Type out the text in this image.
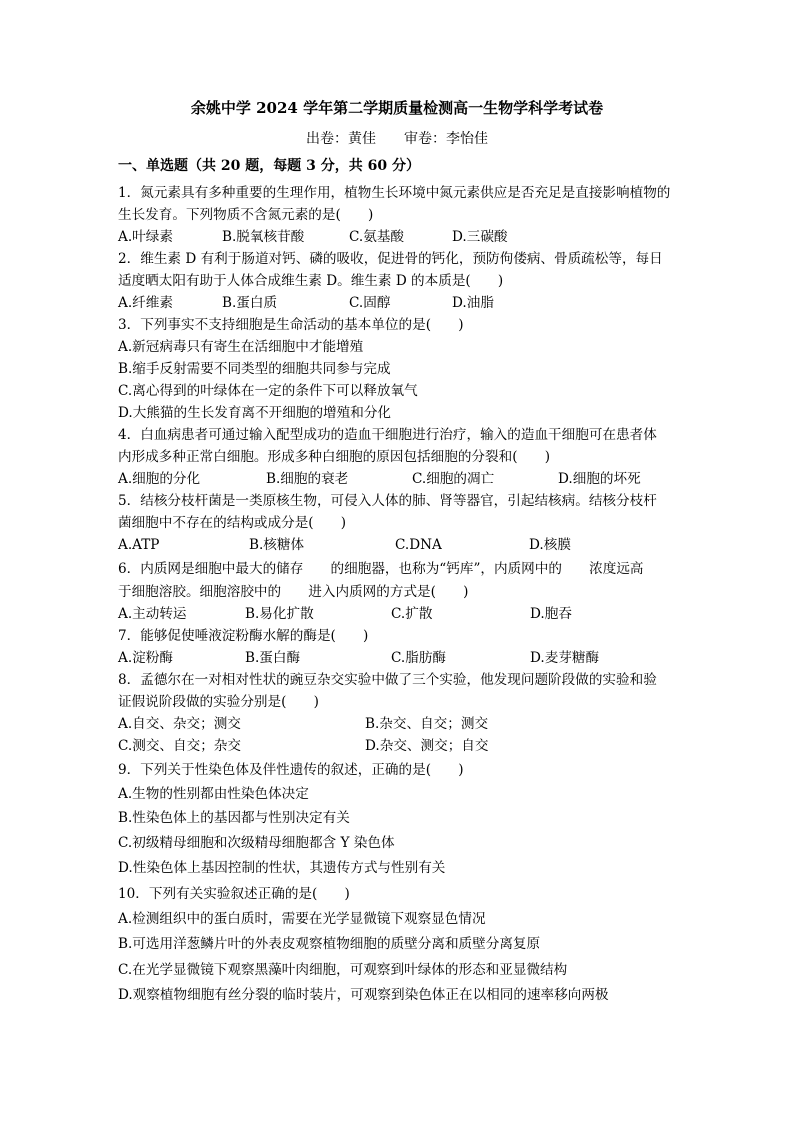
余姚中学 2024 学年第二学期质量检测高一生物学科学考试卷
出卷：黄佳 审卷：李怡佳
一、单选题（共 20 题，每题 3 分，共 60 分）
1．氮元素具有多种重要的生理作用，植物生长环境中氮元素供应是否充足是直接影响植物的
生长发育。下列物质不含氮元素的是(　　)
A.叶绿素	B.脱氧核苷酸	C.氨基酸	D.三碳酸
2．维生素 D 有利于肠道对钙、磷的吸收，促进骨的钙化，预防佝偻病、骨质疏松等，每日
适度晒太阳有助于人体合成维生素 D。维生素 D 的本质是(　　)
A.纤维素	B.蛋白质	C.固醇	D.油脂
3．下列事实不支持细胞是生命活动的基本单位的是(　　)
A.新冠病毒只有寄生在活细胞中才能增殖
B.缩手反射需要不同类型的细胞共同参与完成
C.离心得到的叶绿体在一定的条件下可以释放氧气
D.大熊猫的生长发育离不开细胞的增殖和分化
4．白血病患者可通过输入配型成功的造血干细胞进行治疗，输入的造血干细胞可在患者体
内形成多种正常白细胞。形成多种白细胞的原因包括细胞的分裂和(　　)
A.细胞的分化	B.细胞的衰老	C.细胞的凋亡	D.细胞的坏死
5．结核分枝杆菌是一类原核生物，可侵入人体的肺、肾等器官，引起结核病。结核分枝杆
菌细胞中不存在的结构或成分是(　　)
A.ATP	B.核糖体	C.DNA	D.核膜
6．内质网是细胞中最大的储存　　的细胞器，也称为“钙库”，内质网中的　　浓度远高
于细胞溶胶。细胞溶胶中的　　进入内质网的方式是(　　)
A.主动转运	B.易化扩散	C.扩散	D.胞吞
7．能够促使唾液淀粉酶水解的酶是(　　)
A.淀粉酶	B.蛋白酶	C.脂肪酶	D.麦芽糖酶
8．孟德尔在一对相对性状的豌豆杂交实验中做了三个实验，他发现问题阶段做的实验和验
证假说阶段做的实验分别是(　　)
A.自交、杂交；测交	B.杂交、自交；测交
C.测交、自交；杂交	D.杂交、测交；自交
9．下列关于性染色体及伴性遗传的叙述，正确的是(　　)
A.生物的性别都由性染色体决定
B.性染色体上的基因都与性别决定有关
C.初级精母细胞和次级精母细胞都含 Y 染色体
D.性染色体上基因控制的性状，其遗传方式与性别有关
10．下列有关实验叙述正确的是(　　)
A.检测组织中的蛋白质时，需要在光学显微镜下观察显色情况
B.可选用洋葱鳞片叶的外表皮观察植物细胞的质壁分离和质壁分离复原
C.在光学显微镜下观察黑藻叶肉细胞，可观察到叶绿体的形态和亚显微结构
D.观察植物细胞有丝分裂的临时装片，可观察到染色体正在以相同的速率移向两极
